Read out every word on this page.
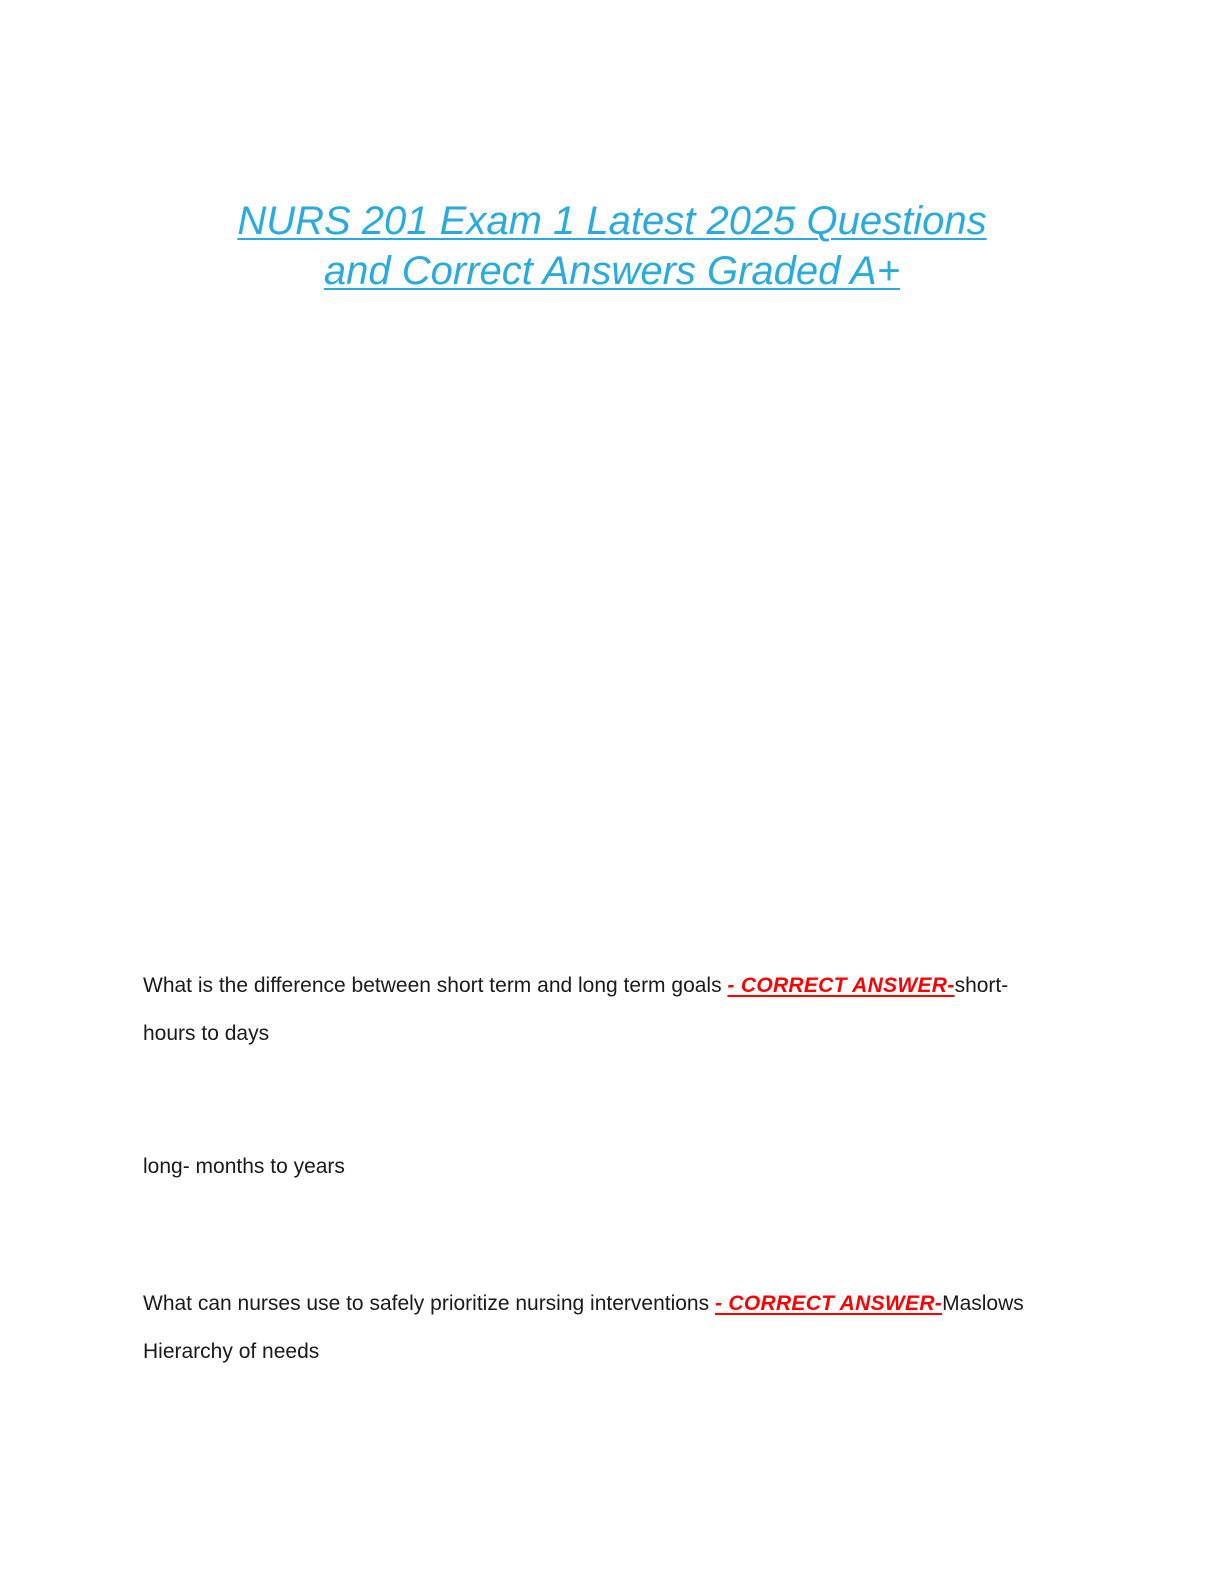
NURS 201 Exam 1 Latest 2025 Questions
and Correct Answers Graded A+
What is the difference between short term and long term goals - CORRECT ANSWER-short- hours to days
long- months to years
What can nurses use to safely prioritize nursing interventions - CORRECT ANSWER-Maslows Hierarchy of needs
